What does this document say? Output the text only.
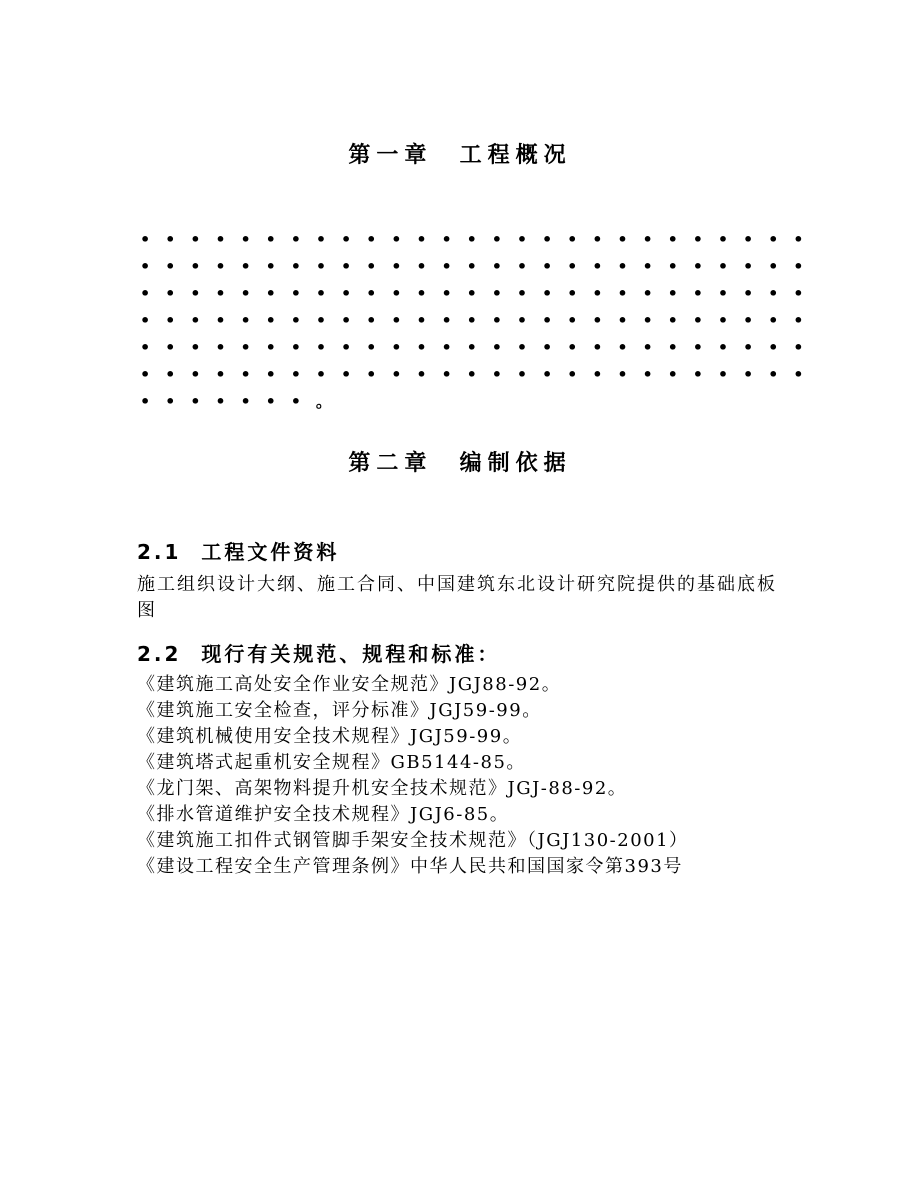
第一章  工程概况
•••••••••••••••••••••••••••
•••••••••••••••••••••••••••
•••••••••••••••••••••••••••
•••••••••••••••••••••••••••
•••••••••••••••••••••••••••
•••••••••••••••••••••••••••
•••••••。
第二章  编制依据
2.1  工程文件资料
施工组织设计大纲、施工合同、中国建筑东北设计研究院提供的基础底板图
2.2  现行有关规范、规程和标准：
《建筑施工高处安全作业安全规范》JGJ88-92。
《建筑施工安全检查，评分标准》JGJ59-99。
《建筑机械使用安全技术规程》JGJ59-99。
《建筑塔式起重机安全规程》GB5144-85。
《龙门架、高架物料提升机安全技术规范》JGJ-88-92。
《排水管道维护安全技术规程》JGJ6-85。
《建筑施工扣件式钢管脚手架安全技术规范》（JGJ130-2001）
《建设工程安全生产管理条例》中华人民共和国国家令第393号
